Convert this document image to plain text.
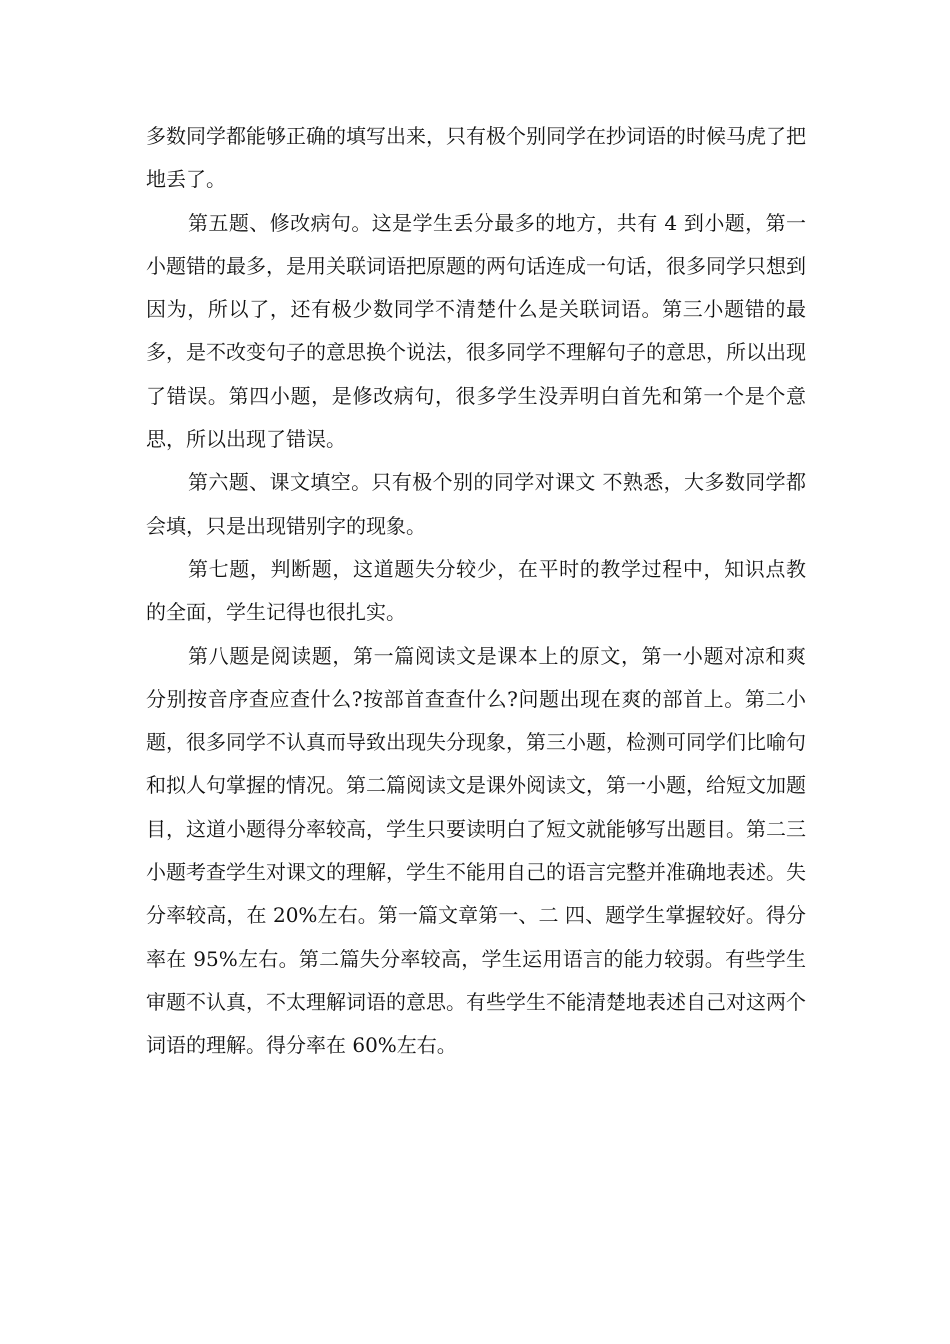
多数同学都能够正确的填写出来，只有极个别同学在抄词语的时候马虎了把地丢了。

第五题、修改病句。这是学生丢分最多的地方，共有 4 到小题，第一小题错的最多，是用关联词语把原题的两句话连成一句话，很多同学只想到因为，所以了，还有极少数同学不清楚什么是关联词语。第三小题错的最多，是不改变句子的意思换个说法，很多同学不理解句子的意思，所以出现了错误。第四小题，是修改病句，很多学生没弄明白首先和第一个是个意思，所以出现了错误。

第六题、课文填空。只有极个别的同学对课文 不熟悉，大多数同学都会填，只是出现错别字的现象。

第七题，判断题，这道题失分较少，在平时的教学过程中，知识点教的全面，学生记得也很扎实。

第八题是阅读题，第一篇阅读文是课本上的原文，第一小题对凉和爽分别按音序查应查什么?按部首查查什么?问题出现在爽的部首上。第二小题，很多同学不认真而导致出现失分现象，第三小题，检测可同学们比喻句和拟人句掌握的情况。第二篇阅读文是课外阅读文，第一小题，给短文加题目，这道小题得分率较高，学生只要读明白了短文就能够写出题目。第二三小题考查学生对课文的理解，学生不能用自己的语言完整并准确地表述。失分率较高，在 20%左右。第一篇文章第一、二 四、题学生掌握较好。得分率在 95%左右。第二篇失分率较高，学生运用语言的能力较弱。有些学生审题不认真，不太理解词语的意思。有些学生不能清楚地表述自己对这两个词语的理解。得分率在 60%左右。
